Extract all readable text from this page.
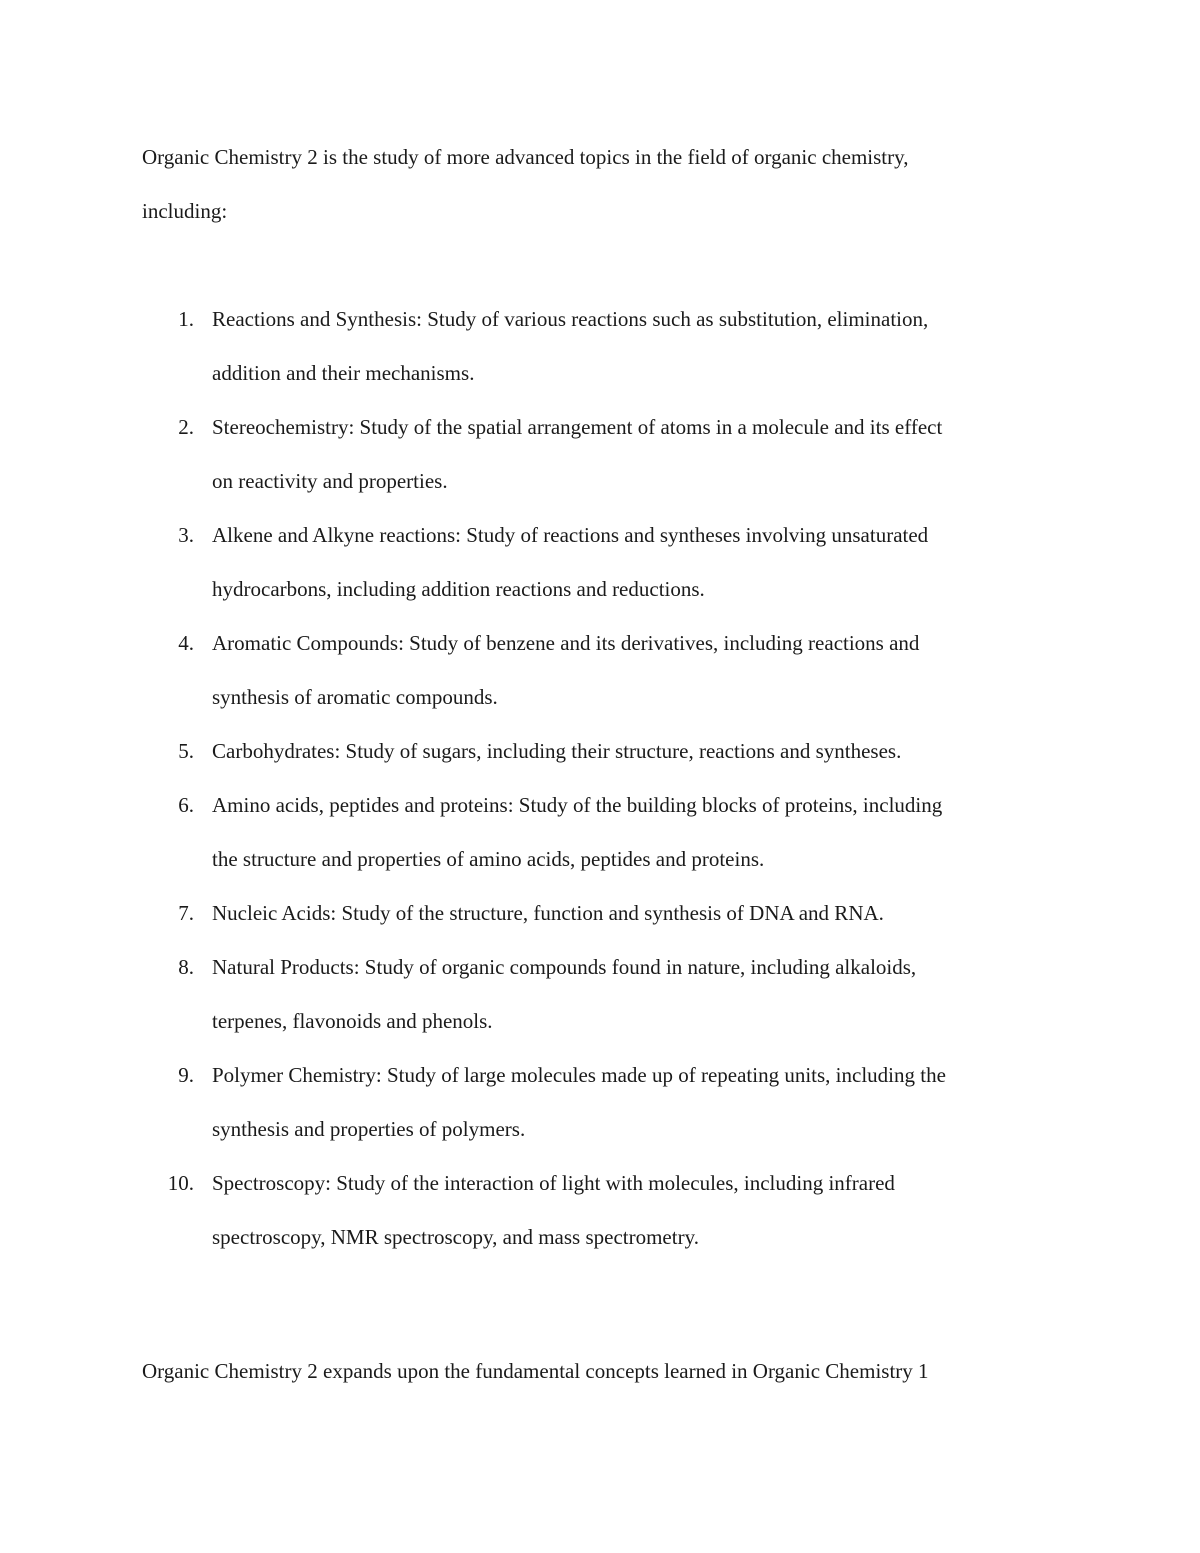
Organic Chemistry 2 is the study of more advanced topics in the field of organic chemistry,
including:
1. Reactions and Synthesis: Study of various reactions such as substitution, elimination,
addition and their mechanisms.
2. Stereochemistry: Study of the spatial arrangement of atoms in a molecule and its effect
on reactivity and properties.
3. Alkene and Alkyne reactions: Study of reactions and syntheses involving unsaturated
hydrocarbons, including addition reactions and reductions.
4. Aromatic Compounds: Study of benzene and its derivatives, including reactions and
synthesis of aromatic compounds.
5. Carbohydrates: Study of sugars, including their structure, reactions and syntheses.
6. Amino acids, peptides and proteins: Study of the building blocks of proteins, including
the structure and properties of amino acids, peptides and proteins.
7. Nucleic Acids: Study of the structure, function and synthesis of DNA and RNA.
8. Natural Products: Study of organic compounds found in nature, including alkaloids,
terpenes, flavonoids and phenols.
9. Polymer Chemistry: Study of large molecules made up of repeating units, including the
synthesis and properties of polymers.
10. Spectroscopy: Study of the interaction of light with molecules, including infrared
spectroscopy, NMR spectroscopy, and mass spectrometry.
Organic Chemistry 2 expands upon the fundamental concepts learned in Organic Chemistry 1
